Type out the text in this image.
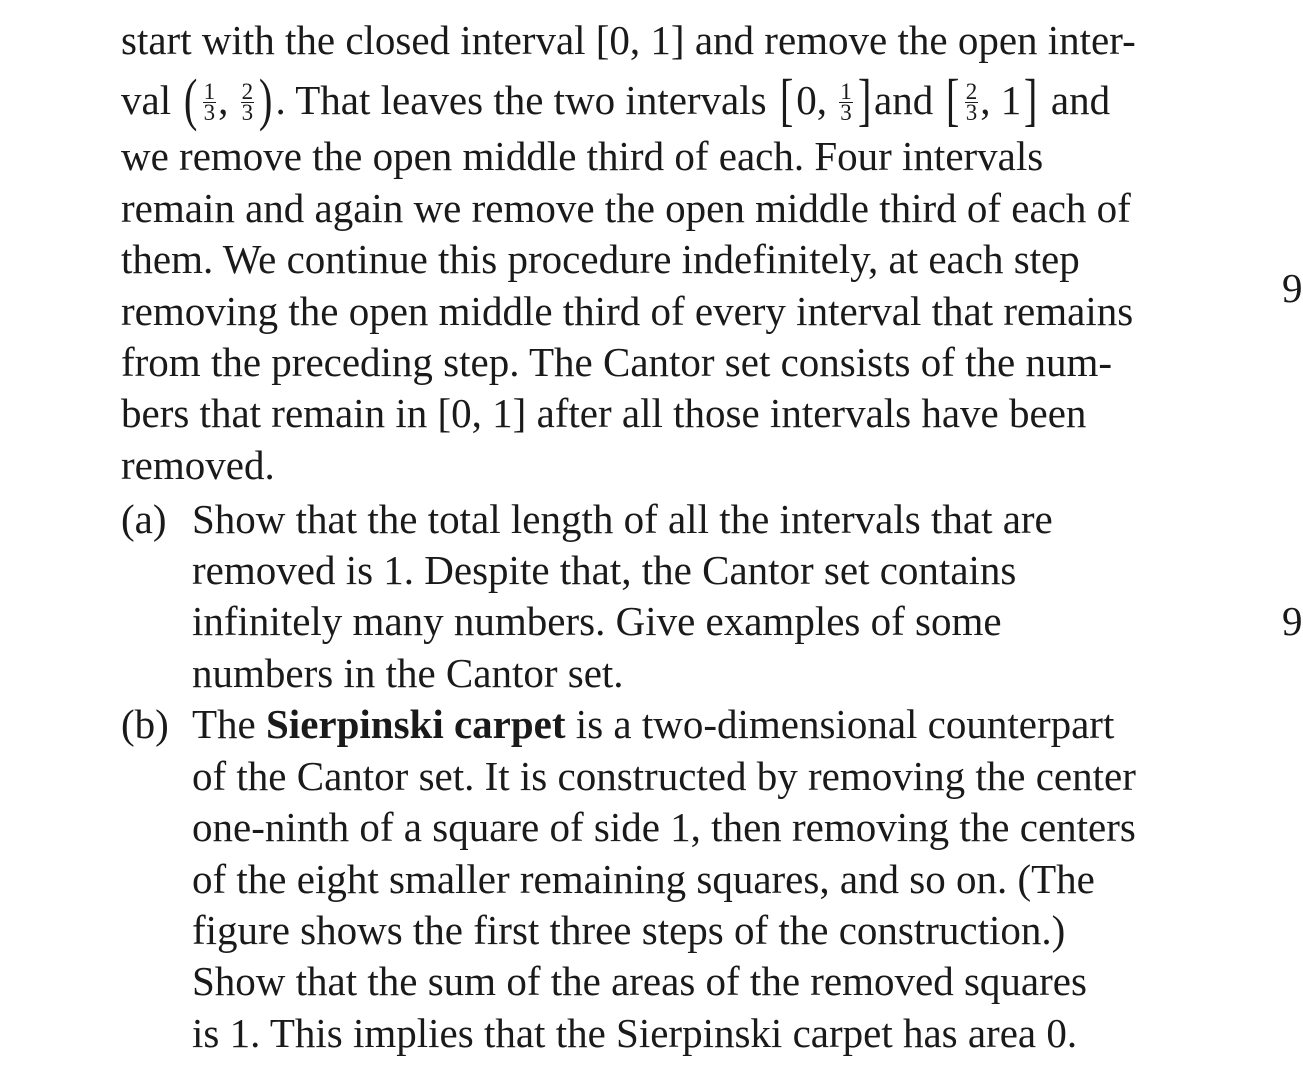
start with the closed interval [0, 1] and remove the open inter-
val ( $\frac{1}{3}$ , $\frac{2}{3}$ ). That leaves the two intervals [0, $\frac{1}{3} ]and$ [ $\frac{2}{3}$ , 1] and
we remove the open middle third of each. Four intervals
remain and again we remove the open middle third of each of
them. We continue this procedure indefinitely, at each step
removing the open middle third of every interval that remains
from the preceding step. The Cantor set consists of the num-
bers that remain in [0, 1] after all those intervals have been
removed.
(a) Show that the total length of all the intervals that are
removed is 1. Despite that, the Cantor set contains
infinitely many numbers. Give examples of some
numbers in the Cantor set.
(b) The Sierpinski carpet is a two-dimensional counterpart
of the Cantor set. It is constructed by removing the center
one-ninth of a square of side 1, then removing the centers
of the eight smaller remaining squares, and so on. (The
figure shows the first three steps of the construction.)
Show that the sum of the areas of the removed squares
is 1. This implies that the Sierpinski carpet has area 0.
9
9
